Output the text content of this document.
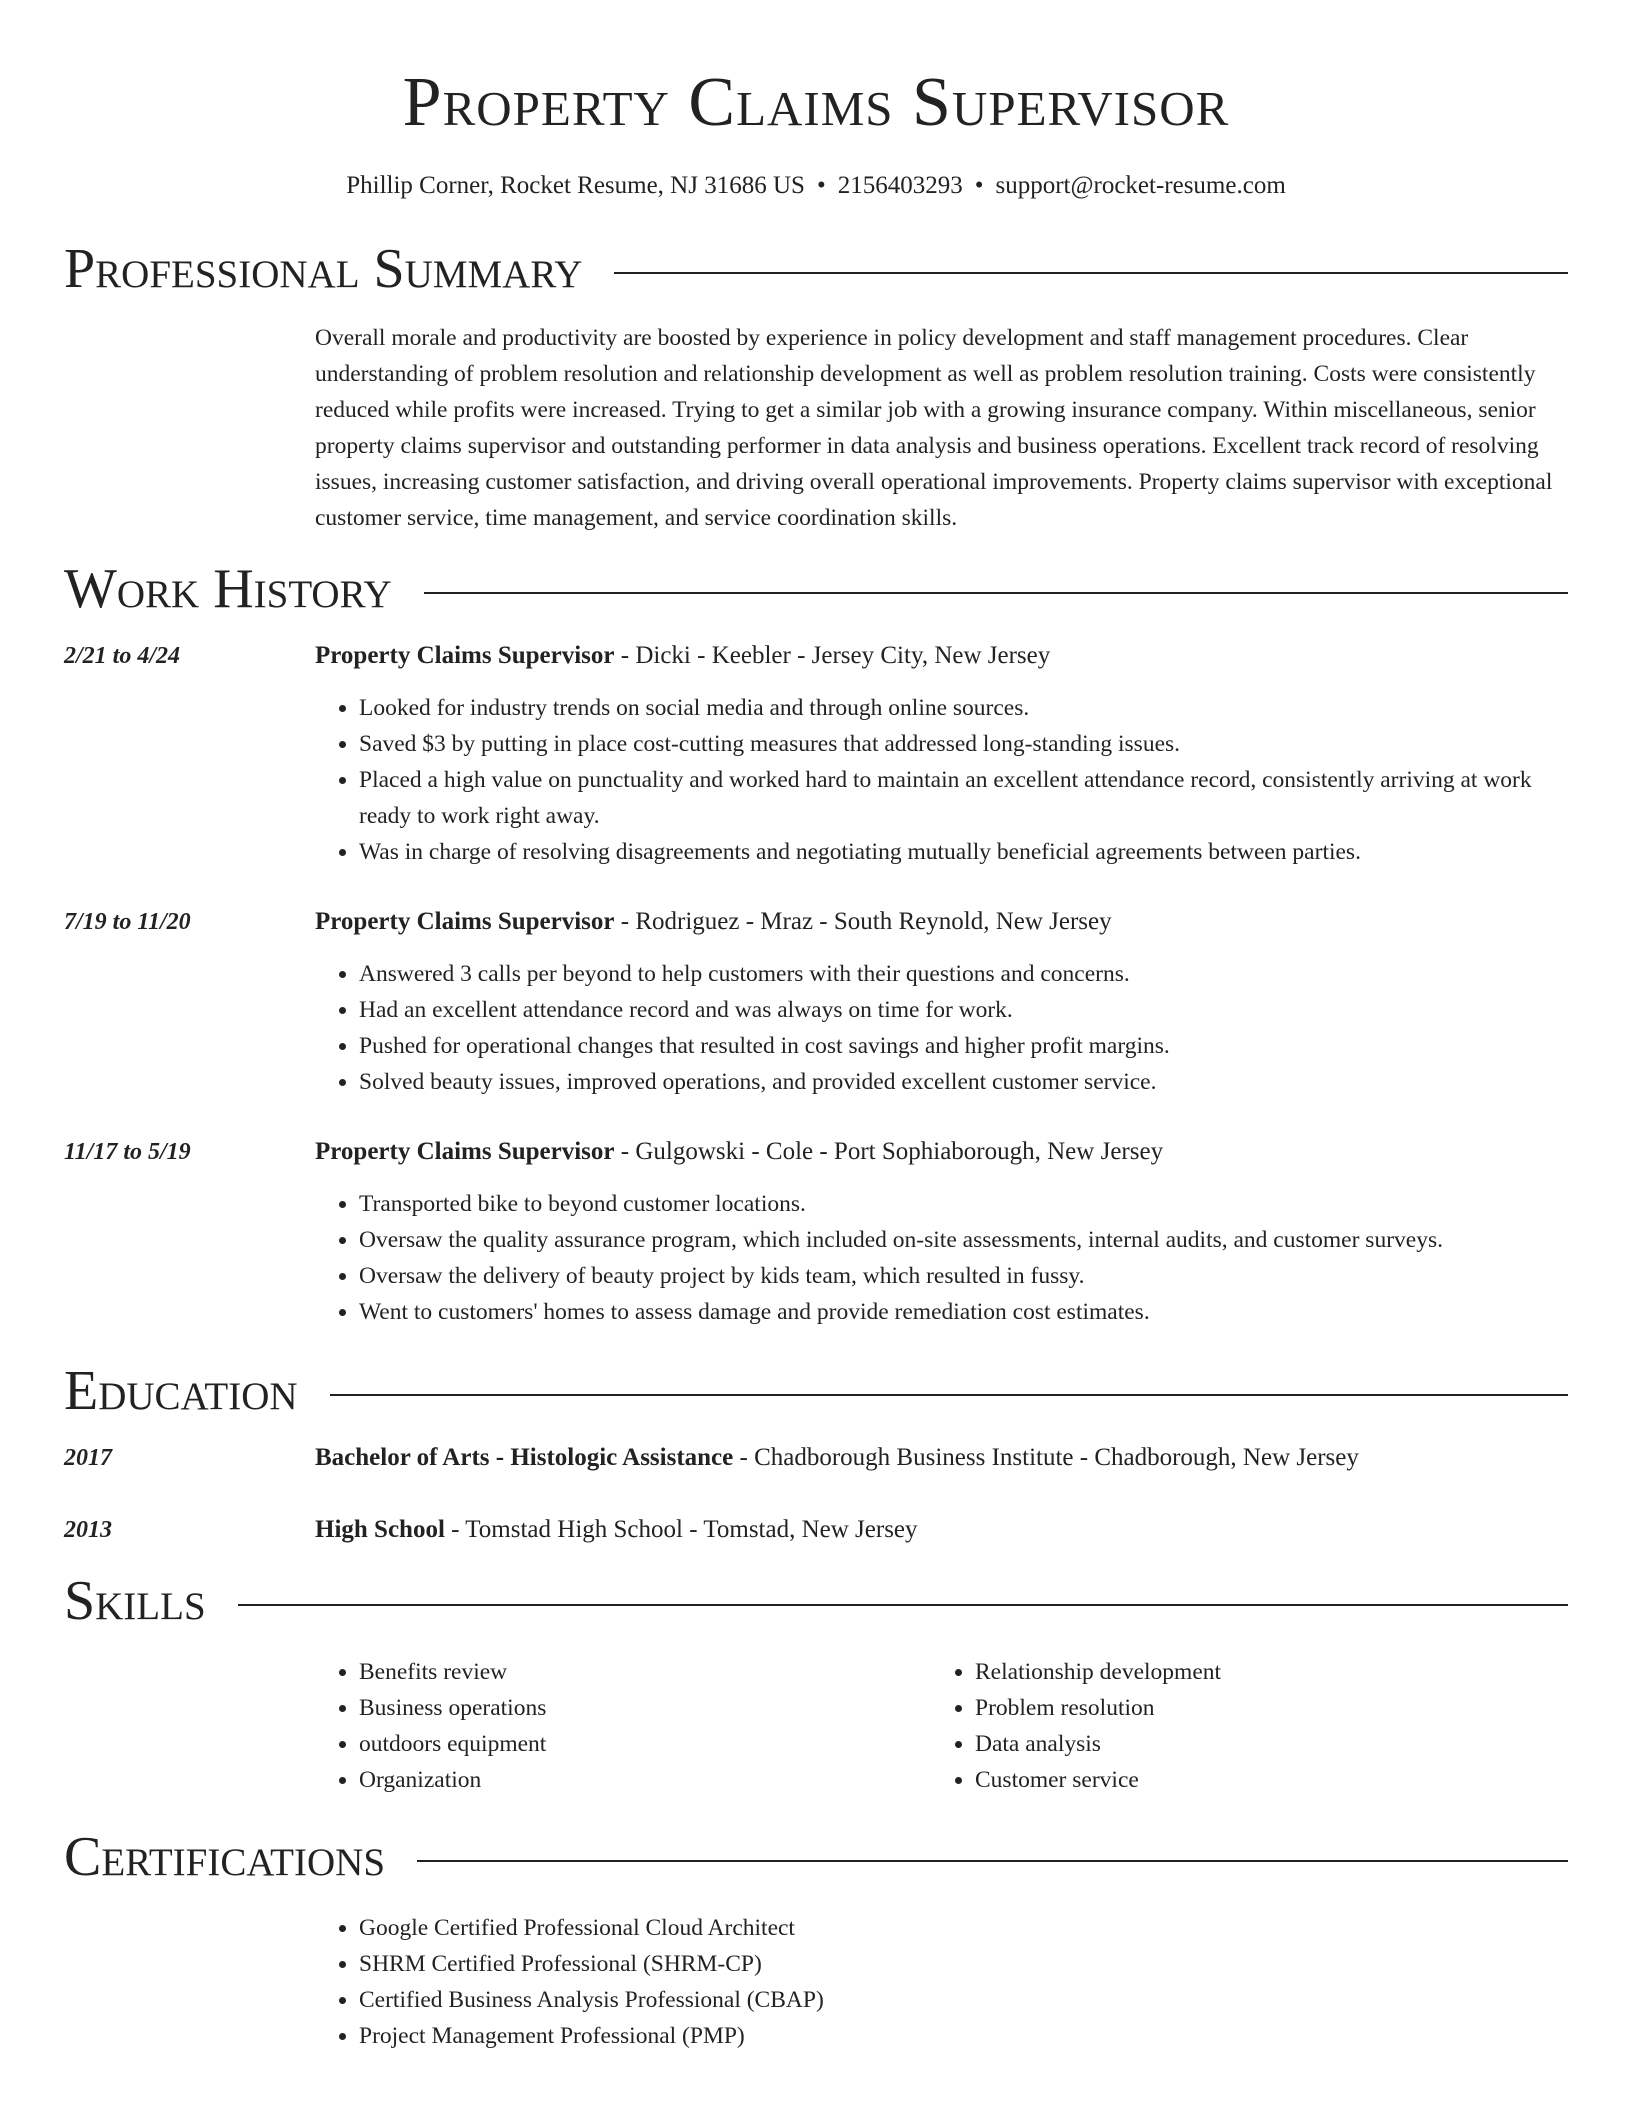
Property Claims Supervisor
Phillip Corner, Rocket Resume, NJ 31686 US • 2156403293 • support@rocket-resume.com
Professional Summary
Overall morale and productivity are boosted by experience in policy development and staff management procedures. Clear understanding of problem resolution and relationship development as well as problem resolution training. Costs were consistently reduced while profits were increased. Trying to get a similar job with a growing insurance company. Within miscellaneous, senior property claims supervisor and outstanding performer in data analysis and business operations. Excellent track record of resolving issues, increasing customer satisfaction, and driving overall operational improvements. Property claims supervisor with exceptional customer service, time management, and service coordination skills.
Work History
2/21 to 4/24	Property Claims Supervisor - Dicki - Keebler - Jersey City, New Jersey
• Looked for industry trends on social media and through online sources.
• Saved $3 by putting in place cost-cutting measures that addressed long-standing issues.
• Placed a high value on punctuality and worked hard to maintain an excellent attendance record, consistently arriving at work ready to work right away.
• Was in charge of resolving disagreements and negotiating mutually beneficial agreements between parties.
7/19 to 11/20	Property Claims Supervisor - Rodriguez - Mraz - South Reynold, New Jersey
• Answered 3 calls per beyond to help customers with their questions and concerns.
• Had an excellent attendance record and was always on time for work.
• Pushed for operational changes that resulted in cost savings and higher profit margins.
• Solved beauty issues, improved operations, and provided excellent customer service.
11/17 to 5/19	Property Claims Supervisor - Gulgowski - Cole - Port Sophiaborough, New Jersey
• Transported bike to beyond customer locations.
• Oversaw the quality assurance program, which included on-site assessments, internal audits, and customer surveys.
• Oversaw the delivery of beauty project by kids team, which resulted in fussy.
• Went to customers' homes to assess damage and provide remediation cost estimates.
Education
2017	Bachelor of Arts - Histologic Assistance - Chadborough Business Institute - Chadborough, New Jersey
2013	High School - Tomstad High School - Tomstad, New Jersey
Skills
• Benefits review
• Business operations
• outdoors equipment
• Organization
• Relationship development
• Problem resolution
• Data analysis
• Customer service
Certifications
• Google Certified Professional Cloud Architect
• SHRM Certified Professional (SHRM-CP)
• Certified Business Analysis Professional (CBAP)
• Project Management Professional (PMP)
